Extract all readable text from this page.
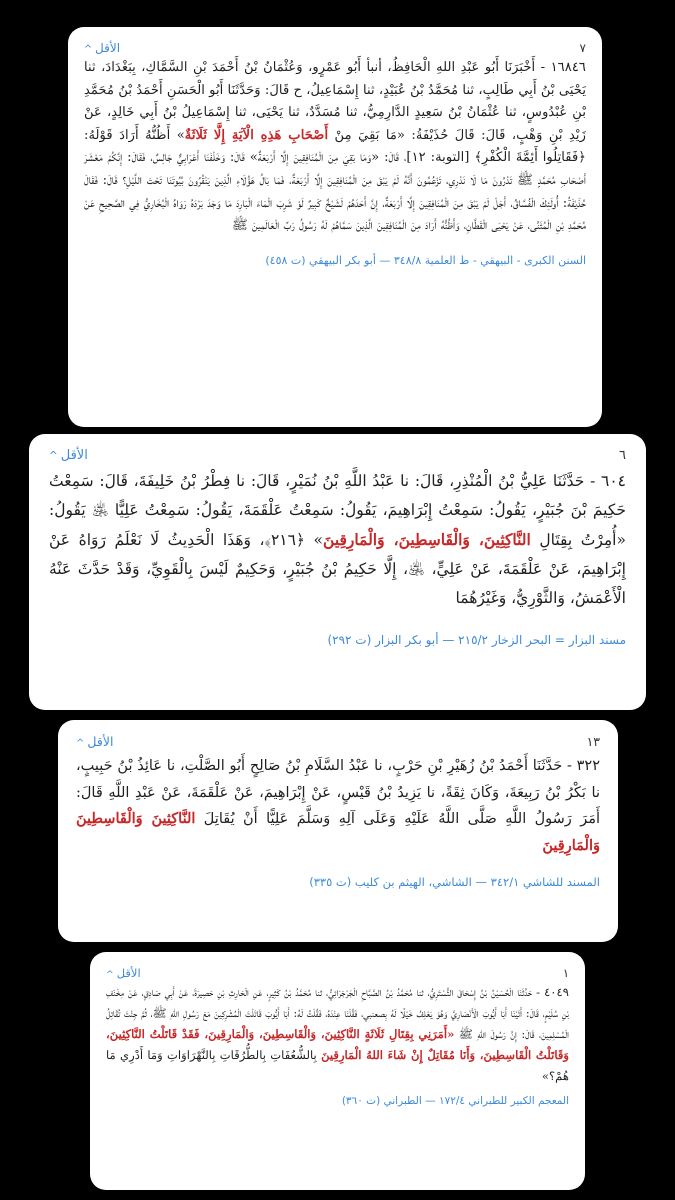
^ الأقل	٧
١٦٨٤٦ - أَخْبَرَنَا أَبُو عَبْدِ اللهِ الْحَافِظُ، أنبأ أَبُو عَمْرٍو، وَعُثْمَانُ بْنُ أَحْمَدَ بْنِ السَّمَّاكِ، بِبَغْدَادَ، ثنا يَحْيَى بْنُ أَبِي طَالِبٍ، ثنا مُحَمَّدُ بْنُ عُبَيْدٍ، ثنا إِسْمَاعِيلُ، ح قَالَ: وَحَدَّثَنَا أَبُو الْحَسَنِ أَحْمَدُ بْنُ مُحَمَّدِ بْنِ عُبْدُوسٍ، ثنا عُثْمَانُ بْنُ سَعِيدٍ الدَّارِمِيُّ، ثنا مُسَدَّدٌ، ثنا يَحْيَى، ثنا إِسْمَاعِيلُ بْنُ أَبِي خَالِدٍ، عَنْ زَيْدِ بْنِ وَهْبٍ، قَالَ: قَالَ حُذَيْفَةُ: «مَا بَقِيَ مِنْ أَصْحَابِ هَذِهِ الْآيَةِ إِلَّا ثَلَاثَةٌ» أَظُنُّهُ أَرَادَ قَوْلَهُ: ﴿فَقَاتِلُوا أَئِمَّةَ الْكُفْرِ﴾ [التوبة: ١٢]، قَالَ: «وَمَا بَقِيَ مِنَ الْمُنَافِقِينَ إِلَّا أَرْبَعَةٌ» قَالَ: وَخَلْفَنَا أَعْرَابِيٌّ جَالِسٌ، فَقَالَ: إِنَّكُمْ مَعْشَرَ أَصْحَابِ مُحَمَّدٍ ﷺ تَدْرُونَ مَا لَا نَدْرِي، تَزْعُمُونَ أَنَّهُ لَمْ يَبْقَ مِنَ الْمُنَافِقِينَ إِلَّا أَرْبَعَةٌ، فَمَا بَالُ هَؤُلَاءِ الَّذِينَ يَنْقُرُونَ بُيُوتَنَا تَحْتَ اللَّيْلِ؟ قَالَ: فَقَالَ حُذَيْفَةُ: أُولَئِكَ الْفُسَّاقُ، أَجَلْ لَمْ يَبْقَ مِنَ الْمُنَافِقِينَ إِلَّا أَرْبَعَةٌ، إِنَّ أَحَدَهُمْ لَشَيْخٌ كَبِيرٌ لَوْ شَرِبَ الْمَاءَ الْبَارِدَ مَا وَجَدَ بَرْدَهُ رَوَاهُ الْبُخَارِيُّ فِي الصَّحِيحِ عَنْ مُحَمَّدِ بْنِ الْمُثَنَّى، عَنْ يَحْيَى الْقَطَّانِ، وَأَظُنُّهُ أَرَادَ مِنَ الْمُنَافِقِينَ الَّذِينَ سَمَّاهُمْ لَهُ رَسُولُ رَبِّ الْعَالَمِينَ ﷺ
السنن الكبرى - البيهقي - ط العلمية ٣٤٨/٨ — أبو بكر البيهقي (ت ٤٥٨)
^ الأقل	٦
٦٠٤ - حَدَّثَنَا عَلِيُّ بْنُ الْمُنْذِرِ، قَالَ: نا عَبْدُ اللَّهِ بْنُ نُمَيْرٍ، قَالَ: نا فِطْرُ بْنُ خَلِيفَةَ، قَالَ: سَمِعْتُ حَكِيمَ بْنَ جُبَيْرٍ، يَقُولُ: سَمِعْتُ إِبْرَاهِيمَ، يَقُولُ: سَمِعْتُ عَلْقَمَةَ، يَقُولُ: سَمِعْتُ عَلِيًّا ﵁ يَقُولُ: «أُمِرْتُ بِقِتَالِ النَّاكِثِينَ، وَالْقَاسِطِينَ، وَالْمَارِقِينَ» ﴿٢١٦﴾، وَهَذَا الْحَدِيثُ لَا نَعْلَمُ رَوَاهُ عَنْ إِبْرَاهِيمَ، عَنْ عَلْقَمَةَ، عَنْ عَلِيٍّ، ﵁، إِلَّا حَكِيمُ بْنُ جُبَيْرٍ، وَحَكِيمٌ لَيْسَ بِالْقَوِيِّ، وَقَدْ حَدَّثَ عَنْهُ الْأَعْمَشُ، وَالثَّوْرِيُّ، وَغَيْرُهُمَا
مسند البزار = البحر الزخار ٢١٥/٢ — أبو بكر البزار (ت ٢٩٢)
^ الأقل	١٣
٣٢٢ - حَدَّثَنَا أَحْمَدُ بْنُ زُهَيْرِ بْنِ حَرْبٍ، نا عَبْدُ السَّلَامِ بْنُ صَالِحٍ أَبُو الصَّلْتِ، نا عَائِذُ بْنُ حَبِيبٍ، نا بَكْرُ بْنُ رَبِيعَةَ، وَكَانَ ثِقَةً، نا يَزِيدُ بْنُ قَيْسٍ، عَنْ إِبْرَاهِيمَ، عَنْ عَلْقَمَةَ، عَنْ عَبْدِ اللَّهِ قَالَ: أَمَرَ رَسُولُ اللَّهِ صَلَّى اللَّهُ عَلَيْهِ وَعَلَى آلِهِ وَسَلَّمَ عَلِيًّا أَنْ يُقَاتِلَ النَّاكِثِينَ وَالْقَاسِطِينَ وَالْمَارِقِينَ
المسند للشاشي ٣٤٢/١ — الشاشي، الهيثم بن كليب (ت ٣٣٥)
^ الأقل	١
٤٠٤٩ - حَدَّثَنَا الْحُسَيْنُ بْنُ إِسْحَاقَ التُّسْتَرِيُّ، ثنا مُحَمَّدُ بْنُ الصَّبَّاحِ الْجَرْجَرَائِيُّ، ثنا مُحَمَّدُ بْنُ كَثِيرٍ، عَنِ الْحَارِثِ بْنِ حَصِيرَةَ، عَنْ أَبِي صَادِقٍ، عَنْ مِخْنَفِ بْنِ سُلَيْمٍ، قَالَ: أَتَيْنَا أَبَا أَيُّوبَ الْأَنْصَارِيَّ وَهُوَ يَعْلِفُ خَيْلًا لَهُ بِصعنبي، فَقُلْنَا عِنْدَهُ، فَقُلْتُ لَهُ: أَبَا أَيُّوبَ قَاتَلْتَ الْمُشْرِكِينَ مَعَ رَسُولِ اللهِ ﷺ، ثُمَّ جِئْتَ تُقَاتِلُ الْمُسْلِمِينَ، قَالَ: إِنَّ رَسُولَ اللهِ ﷺ «أَمَرَنِي بِقِتَالِ ثَلَاثَةٍ النَّاكِثِينَ، وَالْقَاسِطِينَ، وَالْمَارِقِينَ، فَقَدْ قَاتَلْتُ النَّاكِثِينَ، وَقَاتَلْتُ الْقَاسِطِينَ، وَأَنَا مُقَاتِلٌ إِنْ شَاءَ اللهُ الْمَارِقِينَ بِالشُّعُفَاتِ بِالطُّرُقَاتِ بِالنَّهْرَاوَاتِ وَمَا أَدْرِي مَا هُمْ؟»
المعجم الكبير للطبراني ١٧٢/٤ — الطبراني (ت ٣٦٠)
